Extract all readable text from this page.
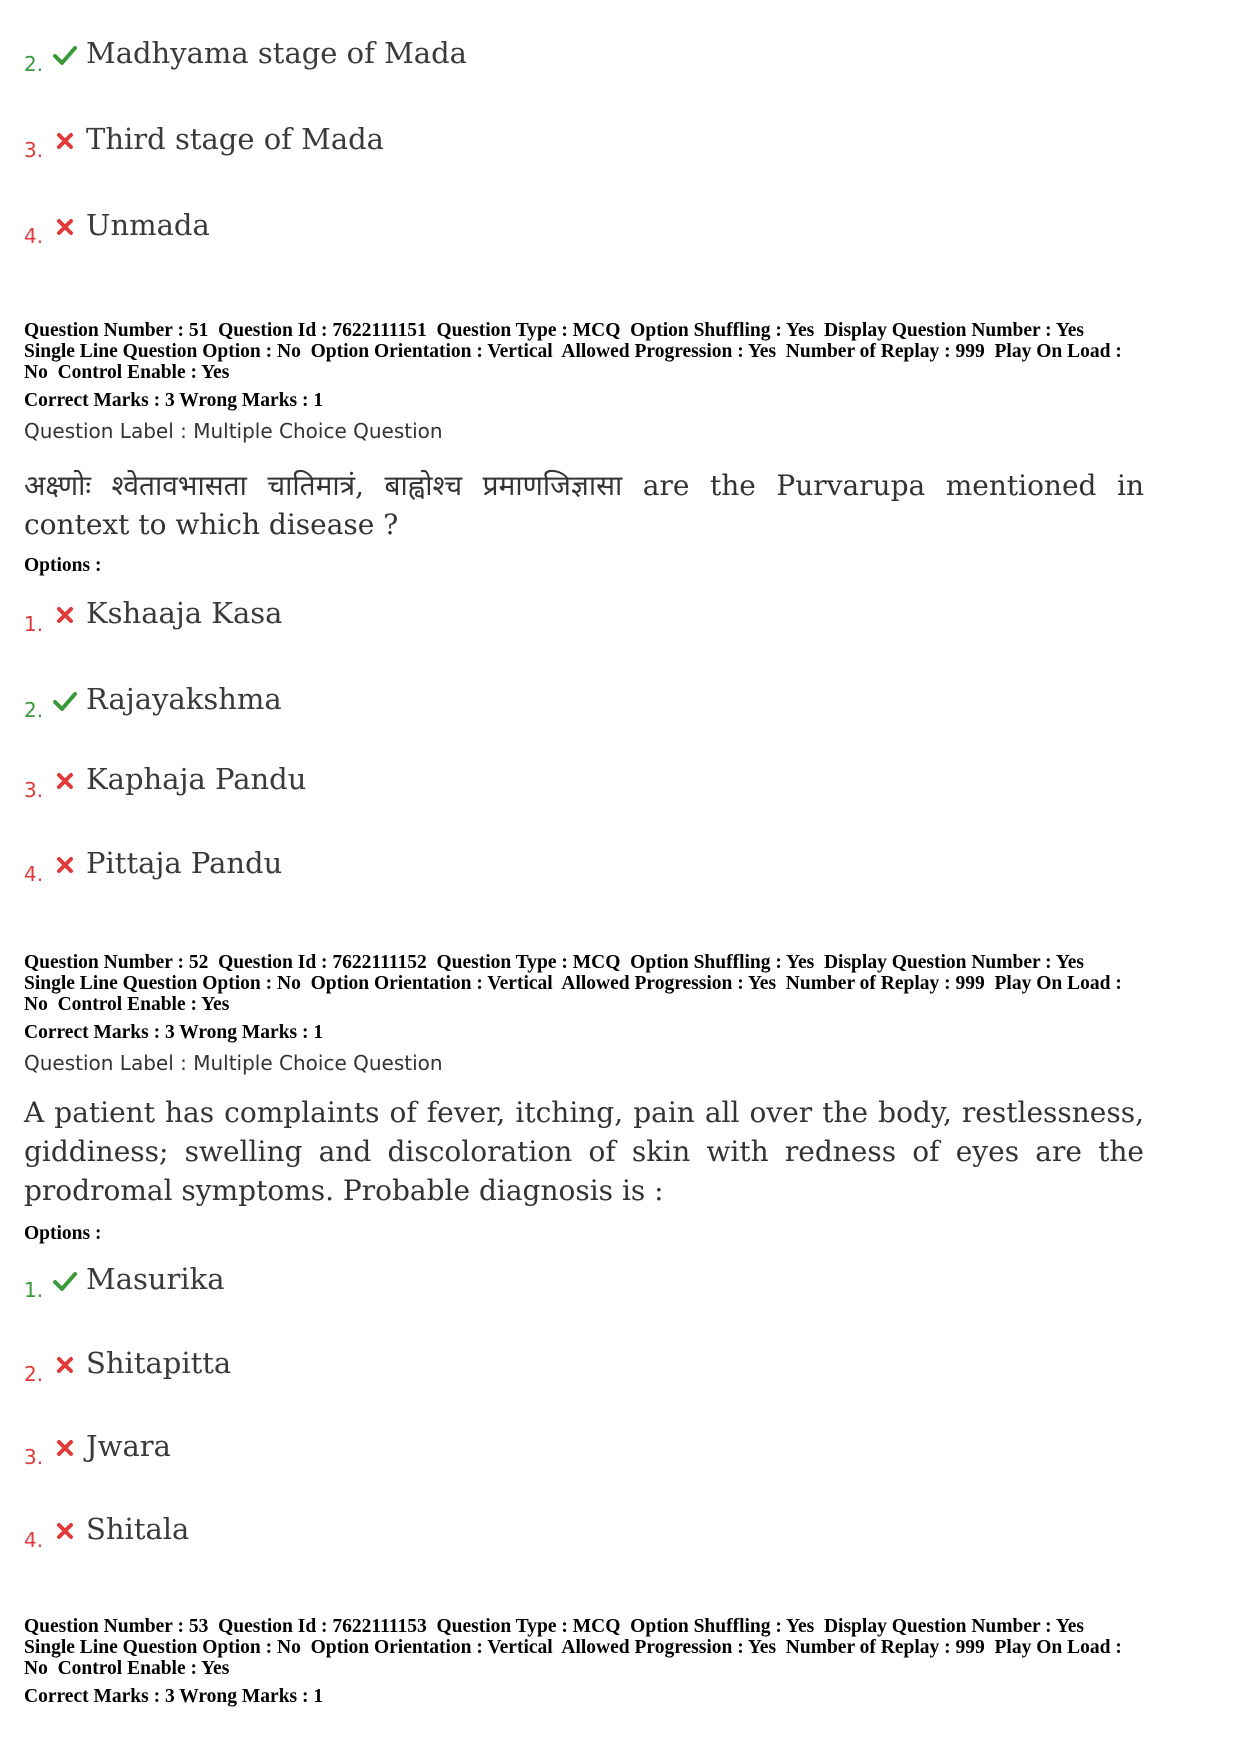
2. Madhyama stage of Mada
3. Third stage of Mada
4. Unmada
Question Number : 51  Question Id : 7622111151  Question Type : MCQ  Option Shuffling : Yes  Display Question Number : Yes
Single Line Question Option : No  Option Orientation : Vertical  Allowed Progression : Yes  Number of Replay : 999  Play On Load :
No  Control Enable : Yes
Correct Marks : 3 Wrong Marks : 1
Question Label : Multiple Choice Question
अक्ष्णोः श्वेतावभासता चातिमात्रं, बाह्वोश्च प्रमाणजिज्ञासा are the Purvarupa mentioned in context to which disease ?
Options :
1. Kshaaja Kasa
2. Rajayakshma
3. Kaphaja Pandu
4. Pittaja Pandu
Question Number : 52  Question Id : 7622111152  Question Type : MCQ  Option Shuffling : Yes  Display Question Number : Yes
Single Line Question Option : No  Option Orientation : Vertical  Allowed Progression : Yes  Number of Replay : 999  Play On Load :
No  Control Enable : Yes
Correct Marks : 3 Wrong Marks : 1
Question Label : Multiple Choice Question
A patient has complaints of fever, itching, pain all over the body, restlessness, giddiness; swelling and discoloration of skin with redness of eyes are the prodromal symptoms. Probable diagnosis is :
Options :
1. Masurika
2. Shitapitta
3. Jwara
4. Shitala
Question Number : 53  Question Id : 7622111153  Question Type : MCQ  Option Shuffling : Yes  Display Question Number : Yes
Single Line Question Option : No  Option Orientation : Vertical  Allowed Progression : Yes  Number of Replay : 999  Play On Load :
No  Control Enable : Yes
Correct Marks : 3 Wrong Marks : 1
